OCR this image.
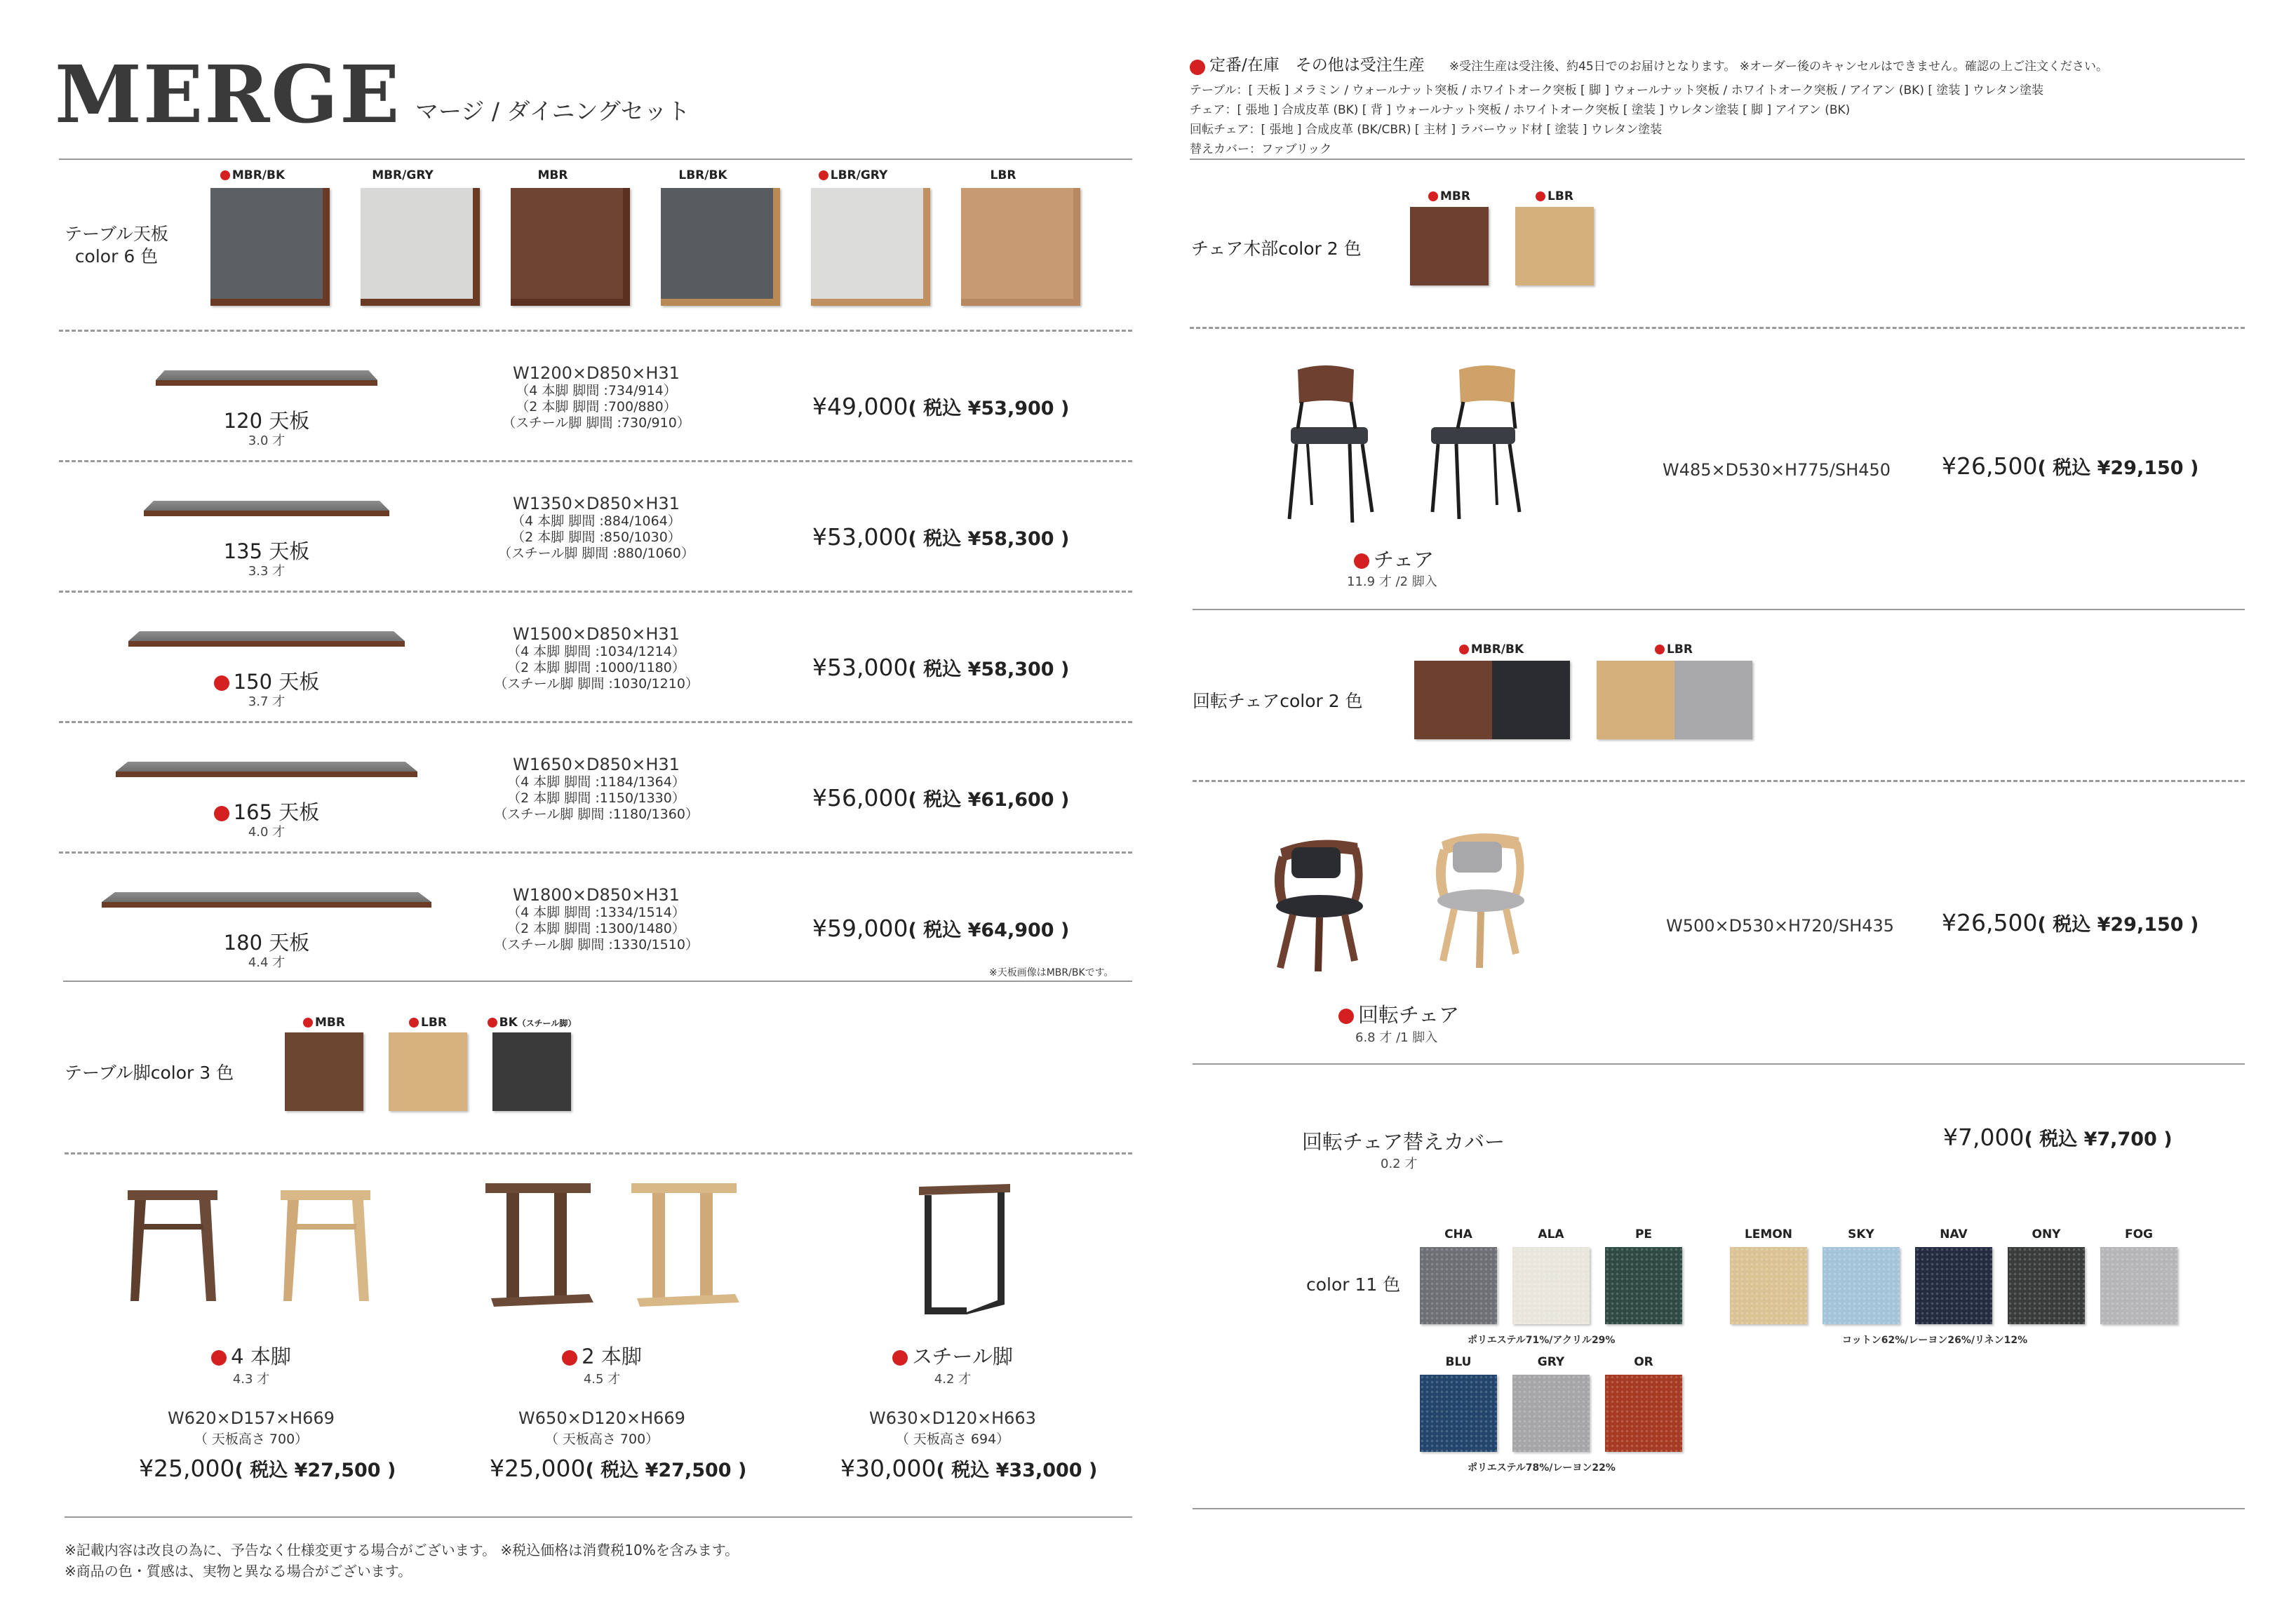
MERGE マージ / ダイニングセット
テーブル天板
color 6 色
MBR/BK	MBR/GRY	MBR	LBR/BK	LBR/GRY	LBR
120 天板
3.0 才
W1200×D850×H31
（4 本脚 脚間 :734/914）
（2 本脚 脚間 :700/880）
（スチール脚 脚間 :730/910）
¥49,000( 税込 ¥53,900 )
135 天板
3.3 才
W1350×D850×H31
（4 本脚 脚間 :884/1064）
（2 本脚 脚間 :850/1030）
（スチール脚 脚間 :880/1060）
¥53,000( 税込 ¥58,300 )
150 天板
3.7 才
W1500×D850×H31
（4 本脚 脚間 :1034/1214）
（2 本脚 脚間 :1000/1180）
（スチール脚 脚間 :1030/1210）
¥53,000( 税込 ¥58,300 )
165 天板
4.0 才
W1650×D850×H31
（4 本脚 脚間 :1184/1364）
（2 本脚 脚間 :1150/1330）
（スチール脚 脚間 :1180/1360）
¥56,000( 税込 ¥61,600 )
180 天板
4.4 才
W1800×D850×H31
（4 本脚 脚間 :1334/1514）
（2 本脚 脚間 :1300/1480）
（スチール脚 脚間 :1330/1510）
¥59,000( 税込 ¥64,900 )
※天板画像はMBR/BKです。
テーブル脚color 3 色
MBR	LBR	BK（スチール脚）
4 本脚
4.3 才
W620×D157×H669
（ 天板高さ 700）
¥25,000( 税込 ¥27,500 )
2 本脚
4.5 才
W650×D120×H669
（ 天板高さ 700）
¥25,000( 税込 ¥27,500 )
スチール脚
4.2 才
W630×D120×H663
（ 天板高さ 694）
¥30,000( 税込 ¥33,000 )
※記載内容は改良の為に、予告なく仕様変更する場合がございます。 ※税込価格は消費税10%を含みます。
※商品の色・質感は、実物と異なる場合がございます。
定番/在庫　その他は受注生産 ※受注生産は受注後、約45日でのお届けとなります。 ※オーダー後のキャンセルはできません。確認の上ご注文ください。
テーブル：[ 天板 ] メラミン / ウォールナット突板 / ホワイトオーク突板 [ 脚 ] ウォールナット突板 / ホワイトオーク突板 / アイアン (BK) [ 塗装 ] ウレタン塗装
チェア：[ 張地 ] 合成皮革 (BK) [ 背 ] ウォールナット突板 / ホワイトオーク突板 [ 塗装 ] ウレタン塗装 [ 脚 ] アイアン (BK)
回転チェア：[ 張地 ] 合成皮革 (BK/CBR) [ 主材 ] ラバーウッド材 [ 塗装 ] ウレタン塗装
替えカバー：ファブリック
チェア木部color 2 色
MBR	LBR
チェア
11.9 才 /2 脚入
W485×D530×H775/SH450 ¥26,500( 税込 ¥29,150 )
回転チェアcolor 2 色
MBR/BK	LBR
回転チェア
6.8 才 /1 脚入
W500×D530×H720/SH435 ¥26,500( 税込 ¥29,150 )
回転チェア替えカバー
0.2 才
¥7,000( 税込 ¥7,700 )
color 11 色
CHA	ALA	PE	LEMON	SKY	NAV	ONY	FOG
BLU	GRY	OR
ポリエステル71%/アクリル29%	コットン62%/レーヨン26%/リネン12%
ポリエステル78%/レーヨン22%
